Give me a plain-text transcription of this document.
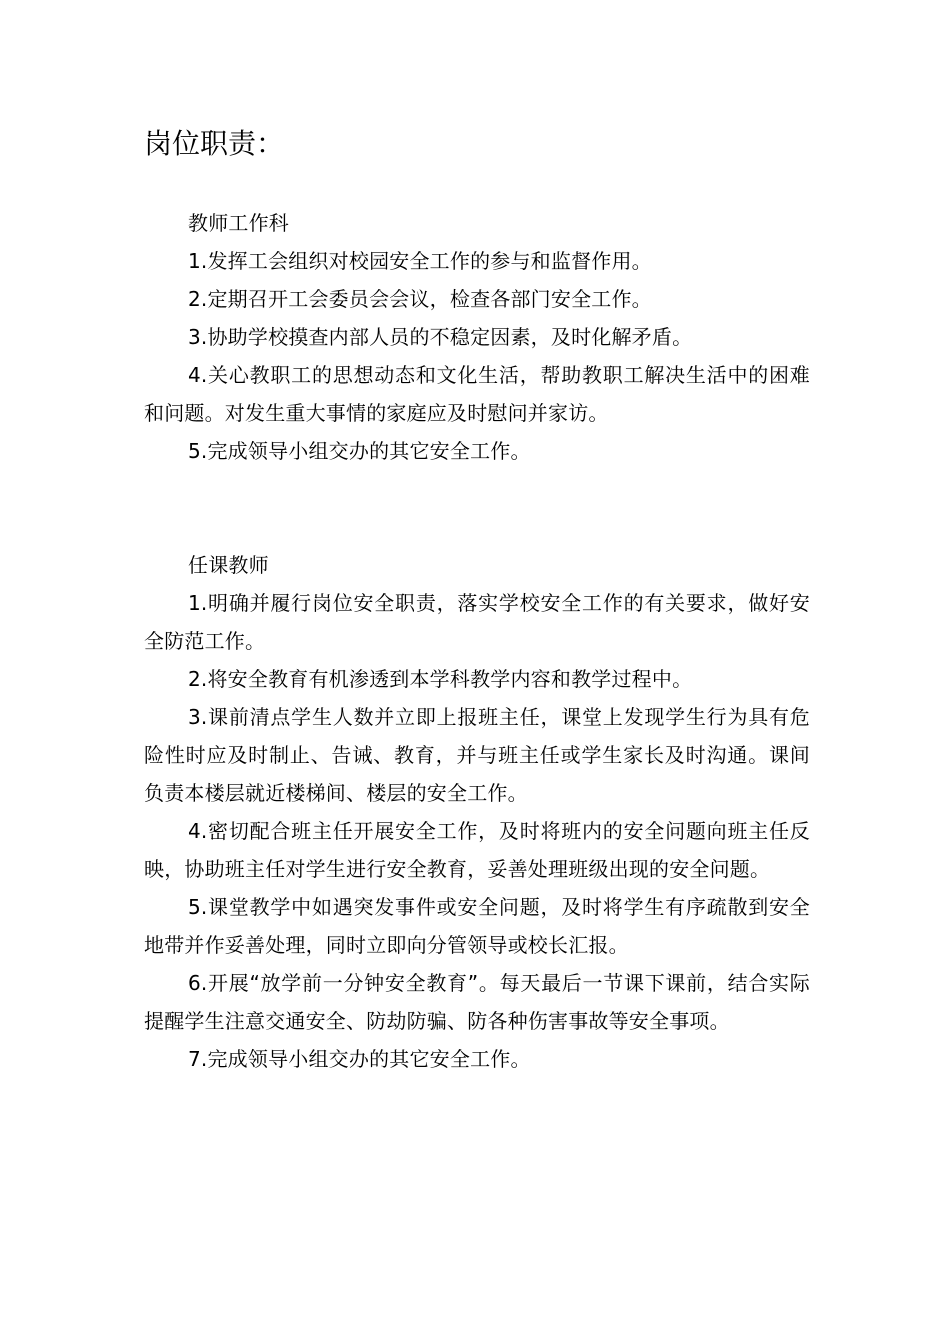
岗位职责：

教师工作科

1.发挥工会组织对校园安全工作的参与和监督作用。

2.定期召开工会委员会会议，检查各部门安全工作。

3.协助学校摸查内部人员的不稳定因素，及时化解矛盾。

4.关心教职工的思想动态和文化生活，帮助教职工解决生活中的困难和问题。对发生重大事情的家庭应及时慰问并家访。

5.完成领导小组交办的其它安全工作。

任课教师

1.明确并履行岗位安全职责，落实学校安全工作的有关要求，做好安全防范工作。

2.将安全教育有机渗透到本学科教学内容和教学过程中。

3.课前清点学生人数并立即上报班主任，课堂上发现学生行为具有危险性时应及时制止、告诫、教育，并与班主任或学生家长及时沟通。课间负责本楼层就近楼梯间、楼层的安全工作。

4.密切配合班主任开展安全工作，及时将班内的安全问题向班主任反映，协助班主任对学生进行安全教育，妥善处理班级出现的安全问题。

5.课堂教学中如遇突发事件或安全问题，及时将学生有序疏散到安全地带并作妥善处理，同时立即向分管领导或校长汇报。

6.开展“放学前一分钟安全教育”。每天最后一节课下课前，结合实际提醒学生注意交通安全、防劫防骗、防各种伤害事故等安全事项。

7.完成领导小组交办的其它安全工作。
